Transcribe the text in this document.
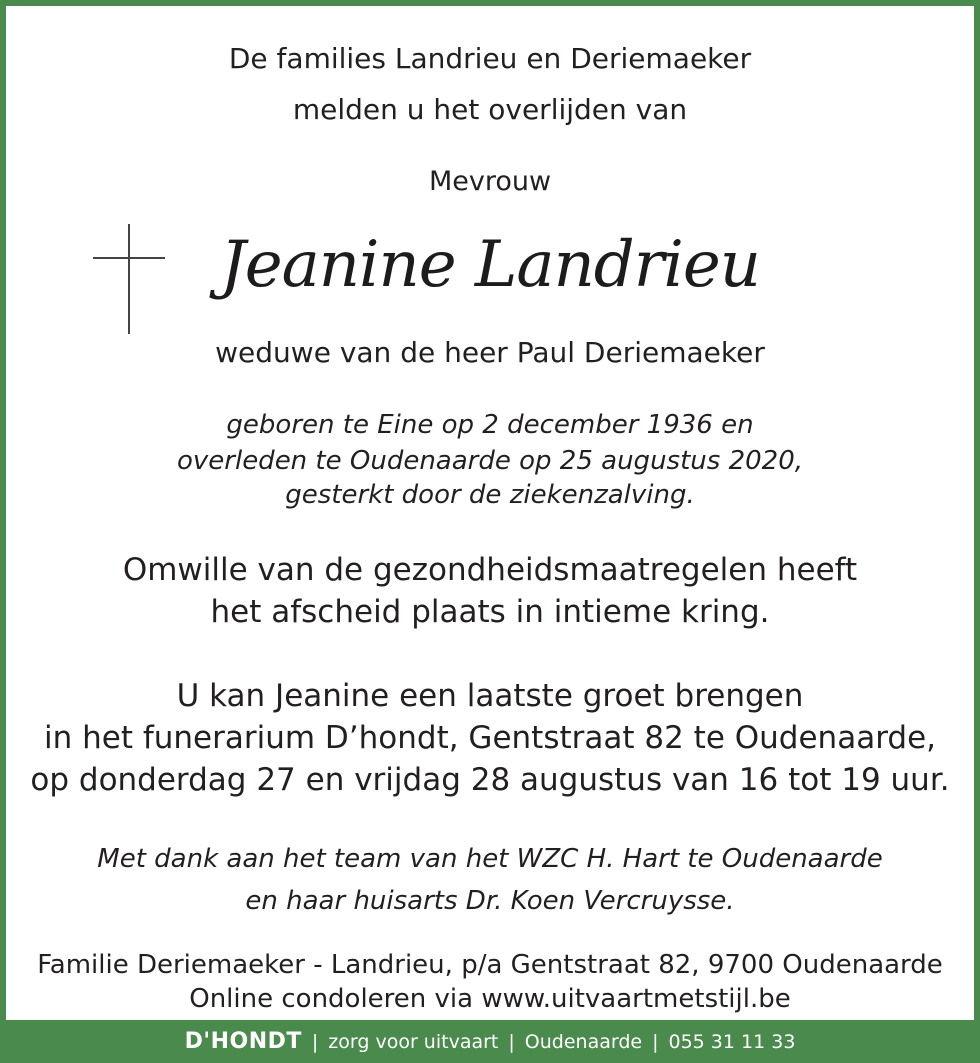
De families Landrieu en Deriemaeker
melden u het overlijden van
Mevrouw
Jeanine Landrieu
weduwe van de heer Paul Deriemaeker
geboren te Eine op 2 december 1936 en
overleden te Oudenaarde op 25 augustus 2020,
gesterkt door de ziekenzalving.
Omwille van de gezondheidsmaatregelen heeft
het afscheid plaats in intieme kring.
U kan Jeanine een laatste groet brengen
in het funerarium D’hondt, Gentstraat 82 te Oudenaarde,
op donderdag 27 en vrijdag 28 augustus van 16 tot 19 uur.
Met dank aan het team van het WZC H. Hart te Oudenaarde
en haar huisarts Dr. Koen Vercruysse.
Familie Deriemaeker - Landrieu, p/a Gentstraat 82, 9700 Oudenaarde
Online condoleren via www.uitvaartmetstijl.be
D'HONDT | zorg voor uitvaart | Oudenaarde | 055 31 11 33
